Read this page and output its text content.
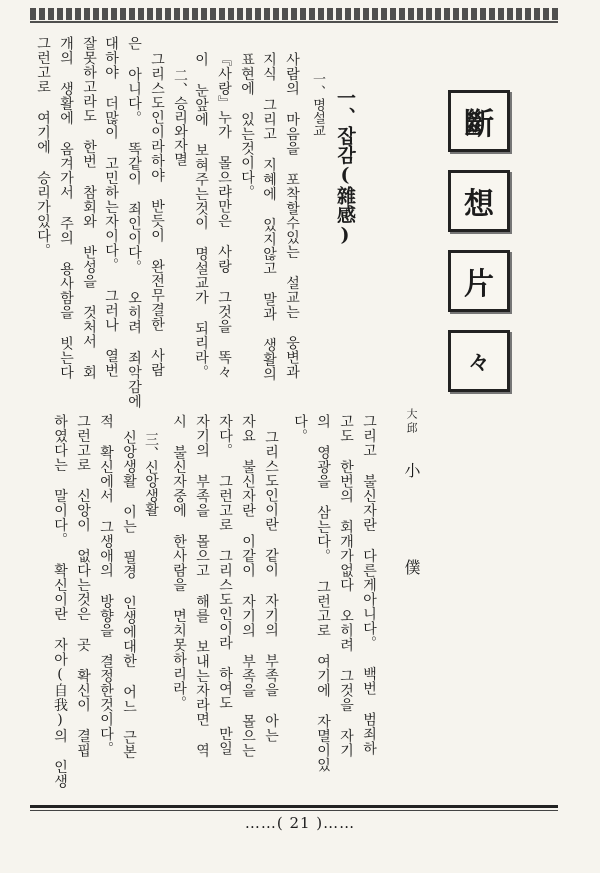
斷
想
片
々
大邱 小 僕
一、잡감(雜感)
一、명설교
사람의 마음을 포착할수있는 설교는 웅변과
지식 그리고 지혜에 있지않고 말과 생활의
표현에 있는것이다。
『사랑』누가 몰으랴만은 사랑 그것을 똑々
이 눈앞에 보혀주는것이 명설교가 되리라。
二、승리와자멸
그리스도인이라하야 반듯이 완전무결한 사람
은 아니다。 똑같이 죄인이다。 오히려 죄악감에
대하야 더많이 고민하는자이다。 그러나 열번
잘못하고라도 한번 참회와 반성을 것처서 회
개의 생활에 옴겨가서 주의 용사함을 빗는다
그런고로 여기에 승리가있다。
그리고 불신자란 다른게아니다。 백번 범죄하
고도 한번의 회개가없다 오히려 그것을 자기
의 영광을 삼는다。 그런고로 여기에 자멸이있
다。
그리스도인이란 같이 자기의 부족을 아는
자요 불신자란 이같이 자기의 부족을 몰으는
자다。 그런고로 그리스도인이라 하여도 만일
자기의 부족을 몰으고 해를 보내는자라면 역
시 불신자중에 한사람을 면치못하리라。
三、신앙생활
신앙생활 이는 필경 인생에대한 어느 근본
적 확신에서 그생애의 방향을 결정한것이다。
그런고로 신앙이 없다는것은 곳 확신이 결핍
하였다는 말이다。 확신이란 자아(自我)의 인생
……( 21 )……
